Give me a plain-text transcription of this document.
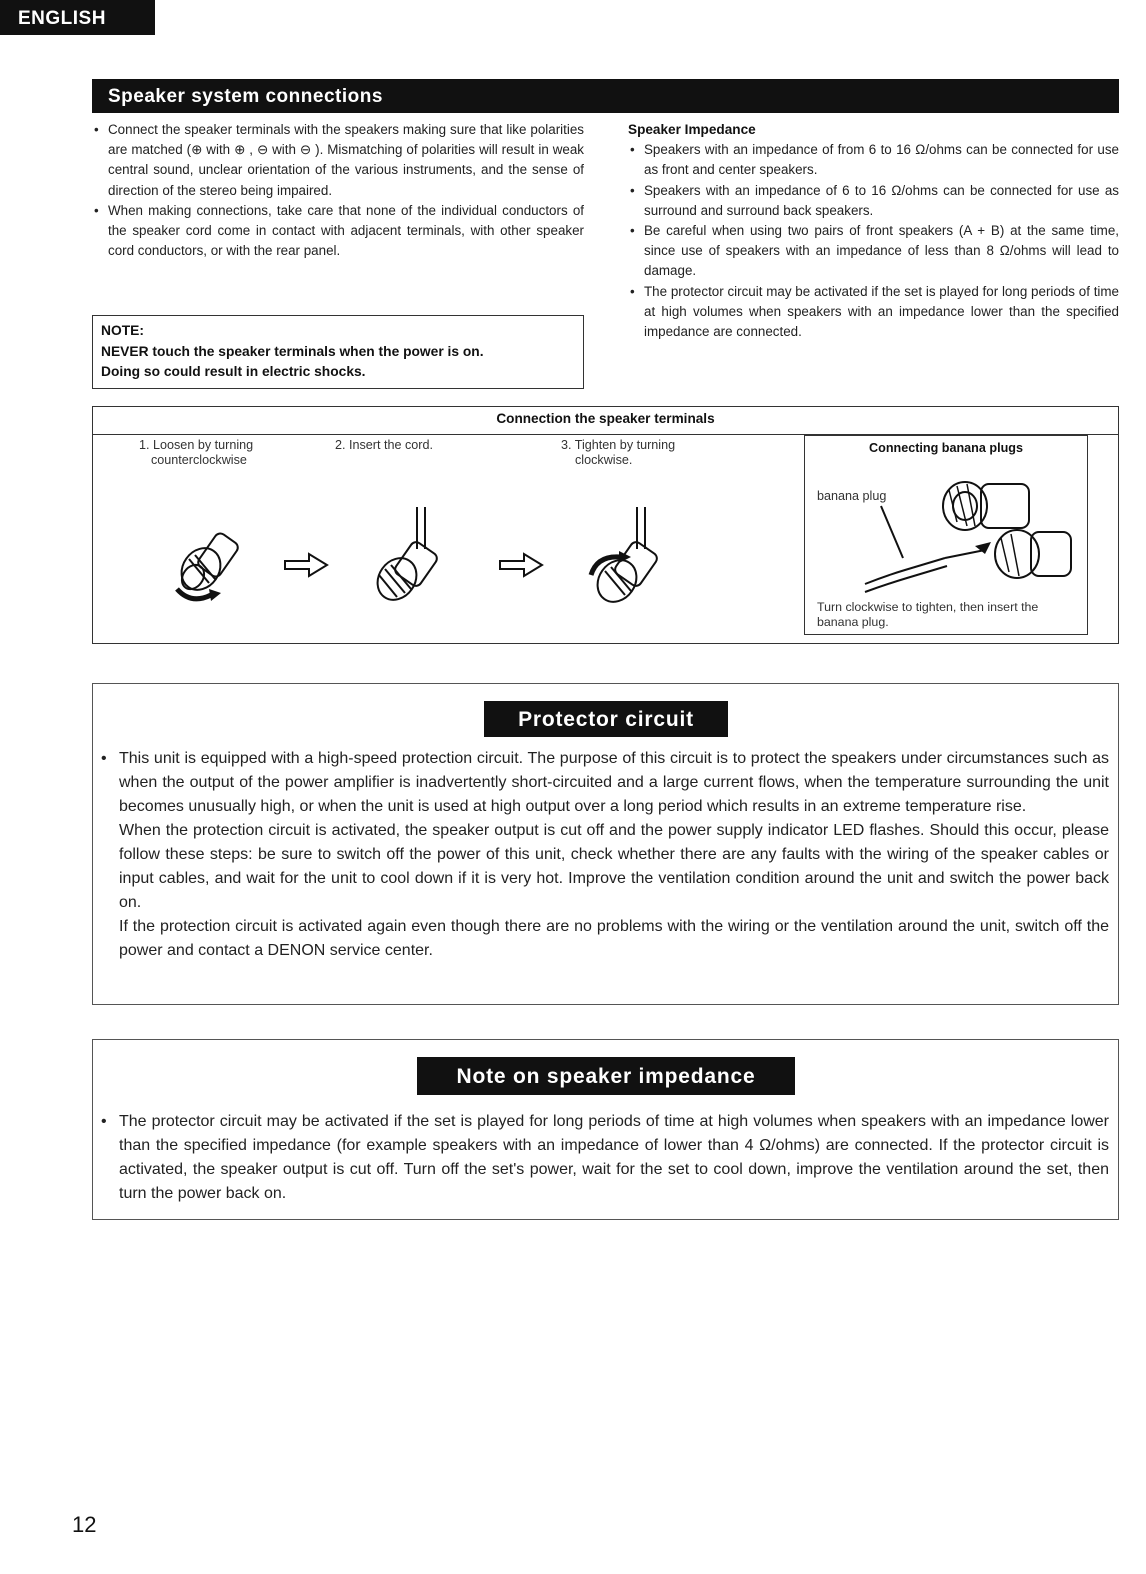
ENGLISH
Speaker system connections
• Connect the speaker terminals with the speakers making sure that like polarities are matched (⊕ with ⊕ , ⊖ with ⊖ ). Mismatching of polarities will result in weak central sound, unclear orientation of the various instruments, and the sense of direction of the stereo being impaired.
• When making connections, take care that none of the individual conductors of the speaker cord come in contact with adjacent terminals, with other speaker cord conductors, or with the rear panel.
NOTE:
NEVER touch the speaker terminals when the power is on.
Doing so could result in electric shocks.
Speaker Impedance
• Speakers with an impedance of from 6 to 16 Ω/ohms can be connected for use as front and center speakers.
• Speakers with an impedance of 6 to 16 Ω/ohms can be connected for use as surround and surround back speakers.
• Be careful when using two pairs of front speakers (A + B) at the same time, since use of speakers with an impedance of less than 8 Ω/ohms will lead to damage.
• The protector circuit may be activated if the set is played for long periods of time at high volumes when speakers with an impedance lower than the specified impedance are connected.
Connection the speaker terminals
1. Loosen by turning
counterclockwise
2. Insert the cord.	3. Tighten by turning
clockwise.
Connecting banana plugs
banana plug
Turn clockwise to tighten, then insert the banana plug.
Protector circuit
• This unit is equipped with a high-speed protection circuit. The purpose of this circuit is to protect the speakers under circumstances such as when the output of the power amplifier is inadvertently short-circuited and a large current flows, when the temperature surrounding the unit becomes unusually high, or when the unit is used at high output over a long period which results in an extreme temperature rise.
When the protection circuit is activated, the speaker output is cut off and the power supply indicator LED flashes. Should this occur, please follow these steps: be sure to switch off the power of this unit, check whether there are any faults with the wiring of the speaker cables or input cables, and wait for the unit to cool down if it is very hot. Improve the ventilation condition around the unit and switch the power back on.
If the protection circuit is activated again even though there are no problems with the wiring or the ventilation around the unit, switch off the power and contact a DENON service center.
Note on speaker impedance
• The protector circuit may be activated if the set is played for long periods of time at high volumes when speakers with an impedance lower than the specified impedance (for example speakers with an impedance of lower than 4 Ω/ohms) are connected. If the protector circuit is activated, the speaker output is cut off. Turn off the set's power, wait for the set to cool down, improve the ventilation around the set, then turn the power back on.
12
